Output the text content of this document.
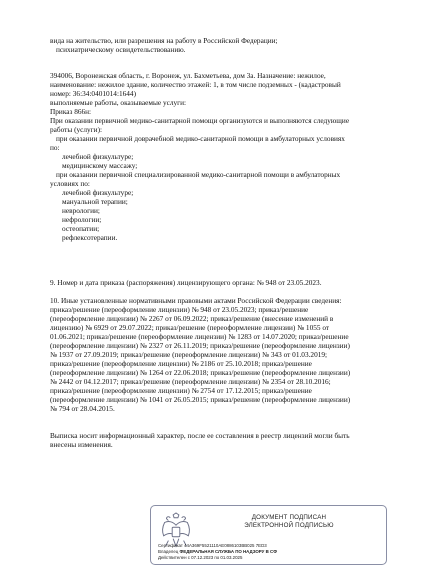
вида на жительство, или разрешения на работу в Российской Федерации;
психиатрическому освидетельствованию.
394006, Воронежская область, г. Воронеж, ул. Бахметьева, дом 3а. Назначение: нежилое,
наименование: нежилое здание, количество этажей: 1, в том числе подземных - (кадастровый
номер: 36:34:0401014:1644)
выполняемые работы, оказываемые услуги:
Приказ 866н:
При оказании первичной медико-санитарной помощи организуются и выполняются следующие
работы (услуги):
при оказании первичной доврачебной медико-санитарной помощи в амбулаторных условиях
по:
лечебной физкультуре;
медицинскому массажу;
при оказании первичной специализированной медико-санитарной помощи в амбулаторных
условиях по:
лечебной физкультуре;
мануальной терапии;
неврологии;
нефрологии;
остеопатии;
рефлексотерапии.
9. Номер и дата приказа (распоряжения) лицензирующего органа: № 948 от 23.05.2023.
10. Иные установленные нормативными правовыми актами Российской Федерации сведения:
приказ/решение (переоформление лицензии) № 948 от 23.05.2023; приказ/решение
(переоформление лицензии) № 2267 от 06.09.2022; приказ/решение (внесение изменений в
лицензию) № 6929 от 29.07.2022; приказ/решение (переоформление лицензии) № 1055 от
01.06.2021; приказ/решение (переоформление лицензии) № 1283 от 14.07.2020; приказ/решение
(переоформление лицензии) № 2327 от 26.11.2019; приказ/решение (переоформление лицензии)
№ 1937 от 27.09.2019; приказ/решение (переоформление лицензии) № 343 от 01.03.2019;
приказ/решение (переоформление лицензии) № 2186 от 25.10.2018; приказ/решение
(переоформление лицензии) № 1264 от 22.06.2018; приказ/решение (переоформление лицензии)
№ 2442 от 04.12.2017; приказ/решение (переоформление лицензии) № 2354 от 28.10.2016;
приказ/решение (переоформление лицензии) № 2754 от 17.12.2015; приказ/решение
(переоформление лицензии) № 1041 от 26.05.2015; приказ/решение (переоформление лицензии)
№ 794 от 28.04.2015.
Выписка носит информационный характер, после ее составления в реестр лицензий могли быть
внесены изменения.
ДОКУМЕНТ ПОДПИСАН
ЭЛЕКТРОННОЙ ПОДПИСЬЮ
Сертификат 44A369F5521110AE0886103BB025 7ED3
Владелец ФЕДЕРАЛЬНАЯ СЛУЖБА ПО НАДЗОРУ В СФ
Действителен с 07.12.2023 по 01.03.2025
